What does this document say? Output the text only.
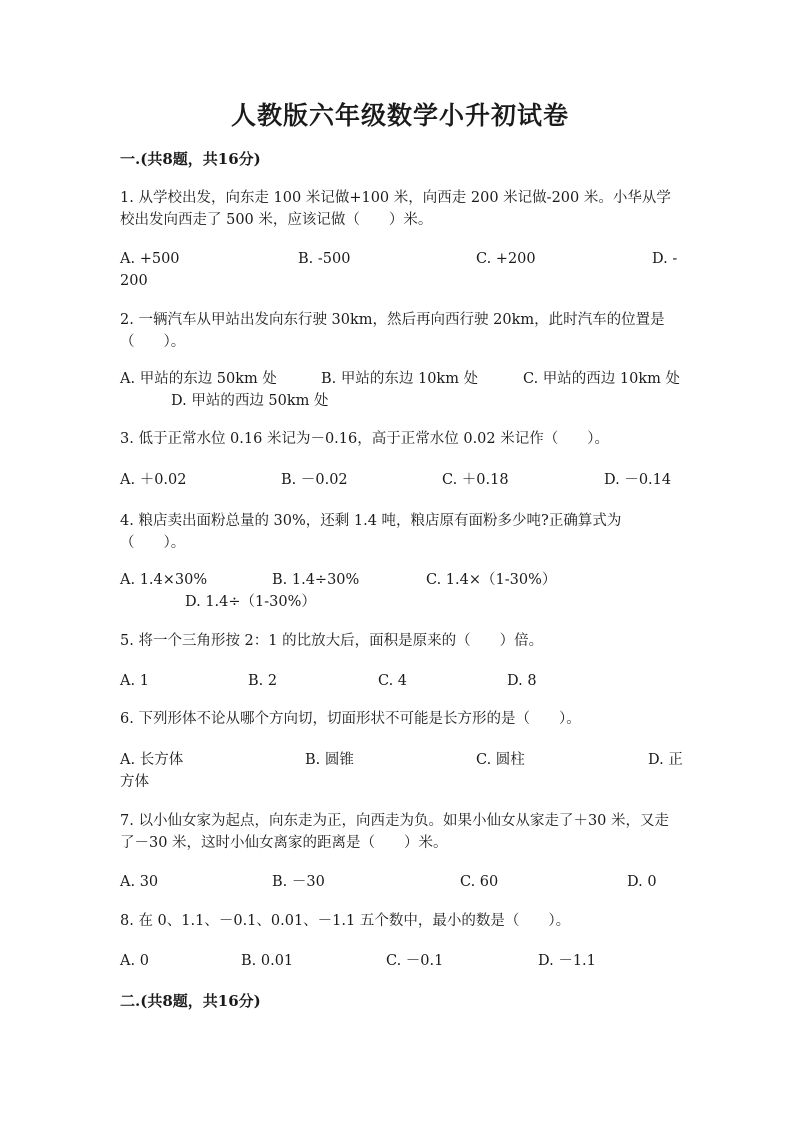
人教版六年级数学小升初试卷
一.(共8题，共16分)
1. 从学校出发，向东走 100 米记做+100 米，向西走 200 米记做-200 米。小华从学校出发向西走了 500 米，应该记做（　　）米。
A. +500	B. -500	C. +200	D. -
200
2. 一辆汽车从甲站出发向东行驶 30km，然后再向西行驶 20km，此时汽车的位置是（　　）。
A. 甲站的东边 50km 处	B. 甲站的东边 10km 处	C. 甲站的西边 10km 处
D. 甲站的西边 50km 处
3. 低于正常水位 0.16 米记为－0.16，高于正常水位 0.02 米记作（　　）。
A. ＋0.02	B. －0.02	C. ＋0.18	D. －0.14
4. 粮店卖出面粉总量的 30%，还剩 1.4 吨，粮店原有面粉多少吨?正确算式为（　　）。
A. 1.4×30%	B. 1.4÷30%	C. 1.4×（1-30%）
D. 1.4÷（1-30%）
5. 将一个三角形按 2：1 的比放大后，面积是原来的（　　）倍。
A. 1	B. 2	C. 4	D. 8
6. 下列形体不论从哪个方向切，切面形状不可能是长方形的是（　　）。
A. 长方体	B. 圆锥	C. 圆柱	D. 正
方体
7. 以小仙女家为起点，向东走为正，向西走为负。如果小仙女从家走了＋30 米，又走了－30 米，这时小仙女离家的距离是（　　）米。
A. 30	B. －30	C. 60	D. 0
8. 在 0、1.1、－0.1、0.01、－1.1 五个数中，最小的数是（　　）。
A. 0	B. 0.01	C. －0.1	D. －1.1
二.(共8题，共16分)
